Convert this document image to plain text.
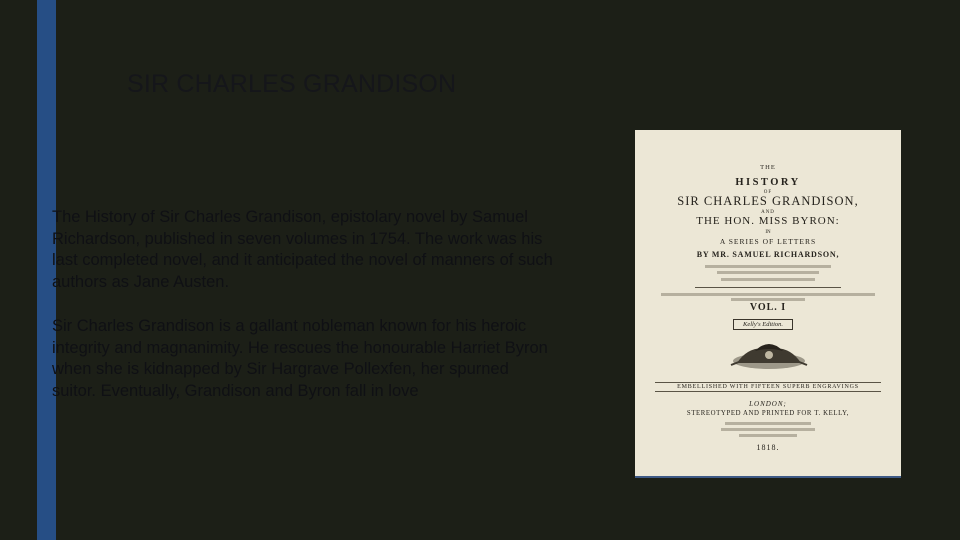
SIR CHARLES GRANDISON

The History of Sir Charles Grandison, epistolary novel by Samuel Richardson, published in seven volumes in 1754. The work was his last completed novel, and it anticipated the novel of manners of such authors as Jane Austen.

Sir Charles Grandison is a gallant nobleman known for his heroic integrity and magnanimity. He rescues the honourable Harriet Byron when she is kidnapped by Sir Hargrave Pollexfen, her spurned suitor. Eventually, Grandison and Byron fall in love

THE
HISTORY
OF
SIR CHARLES GRANDISON,
AND
THE HON. MISS BYRON:
IN
A SERIES OF LETTERS
BY MR. SAMUEL RICHARDSON,
VOL. I
Kelly's Edition.
EMBELLISHED WITH FIFTEEN SUPERB ENGRAVINGS
LONDON;
STEREOTYPED AND PRINTED FOR T. KELLY,
1818.
